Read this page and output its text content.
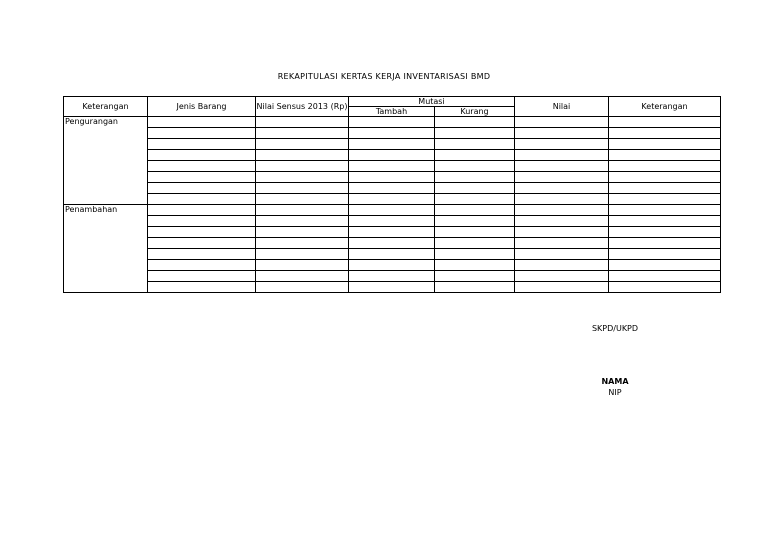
REKAPITULASI KERTAS KERJA INVENTARISASI BMD
Keterangan	Jenis Barang	Nilai Sensus 2013 (Rp)	Mutasi		Nilai	Keterangan
			Tambah	Kurang		
Pengurangan						

Penambahan						

SKPD/UKPD
NAMA
NIP
